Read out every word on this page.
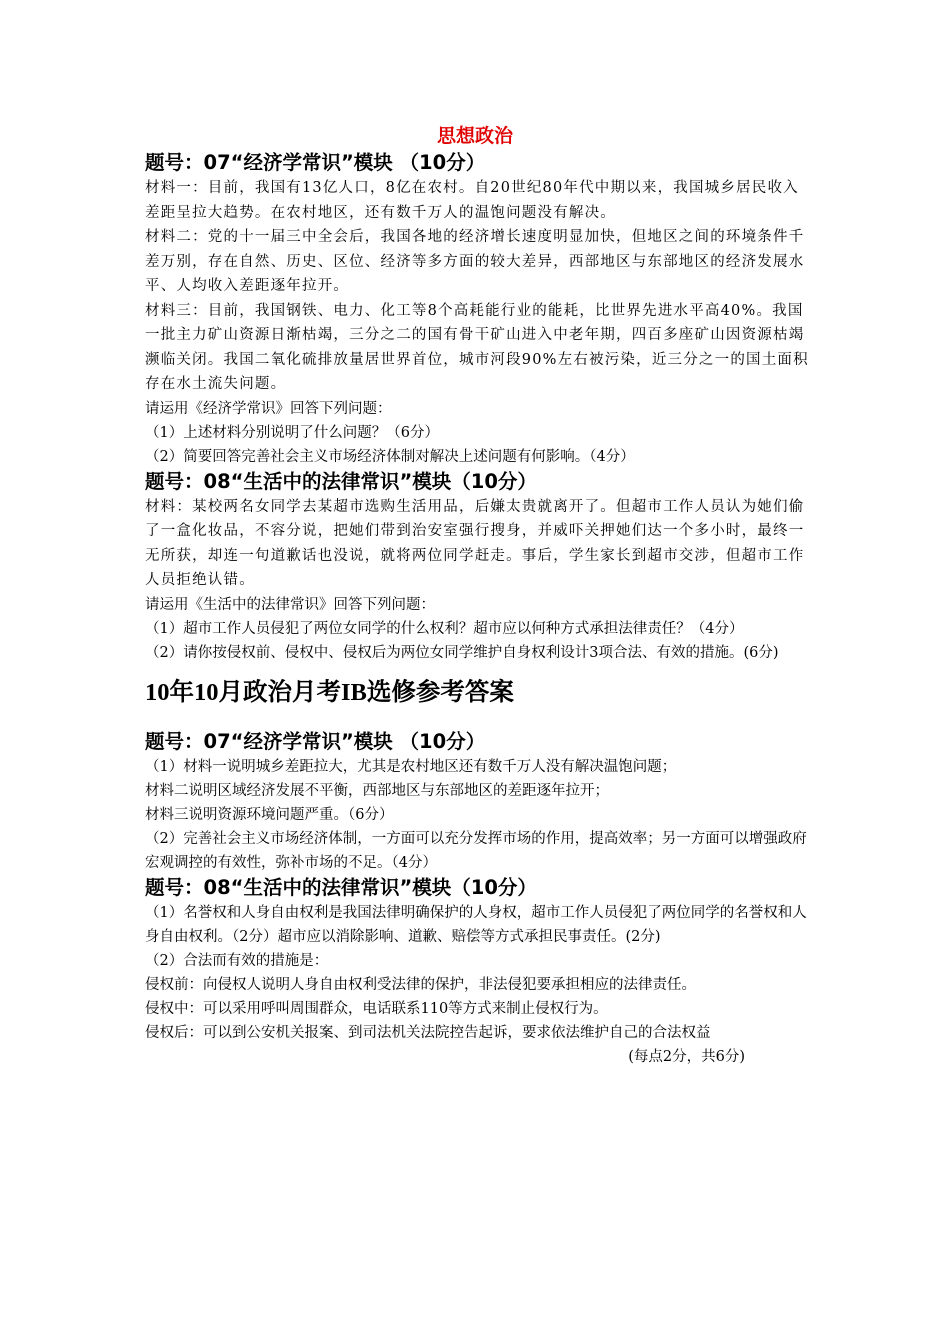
思想政治

题号：07“经济学常识”模块 （10分）

材料一：目前，我国有13亿人口，8亿在农村。自20世纪80年代中期以来，我国城乡居民收入差距呈拉大趋势。在农村地区，还有数千万人的温饱问题没有解决。

材料二：党的十一届三中全会后，我国各地的经济增长速度明显加快，但地区之间的环境条件千差万别，存在自然、历史、区位、经济等多方面的较大差异，西部地区与东部地区的经济发展水平、人均收入差距逐年拉开。

材料三：目前，我国钢铁、电力、化工等8个高耗能行业的能耗，比世界先进水平高40%。我国一批主力矿山资源日渐枯竭，三分之二的国有骨干矿山进入中老年期，四百多座矿山因资源枯竭濒临关闭。我国二氧化硫排放量居世界首位，城市河段90%左右被污染，近三分之一的国土面积存在水土流失问题。

请运用《经济学常识》回答下列问题：

（1）上述材料分别说明了什么问题？（6分）

（2）简要回答完善社会主义市场经济体制对解决上述问题有何影响。（4分）

题号：08“生活中的法律常识”模块（10分）

材料：某校两名女同学去某超市选购生活用品，后嫌太贵就离开了。但超市工作人员认为她们偷了一盒化妆品，不容分说，把她们带到治安室强行搜身，并威吓关押她们达一个多小时，最终一无所获，却连一句道歉话也没说，就将两位同学赶走。事后，学生家长到超市交涉，但超市工作人员拒绝认错。

请运用《生活中的法律常识》回答下列问题：

（1）超市工作人员侵犯了两位女同学的什么权利？超市应以何种方式承担法律责任？（4分）

（2）请你按侵权前、侵权中、侵权后为两位女同学维护自身权利设计3项合法、有效的措施。(6分)

10年10月政治月考IB选修参考答案

题号：07“经济学常识”模块 （10分）

（1）材料一说明城乡差距拉大，尤其是农村地区还有数千万人没有解决温饱问题；

材料二说明区域经济发展不平衡，西部地区与东部地区的差距逐年拉开；

材料三说明资源环境问题严重。（6分）

（2）完善社会主义市场经济体制，一方面可以充分发挥市场的作用，提高效率；另一方面可以增强政府宏观调控的有效性，弥补市场的不足。（4分）

题号：08“生活中的法律常识”模块（10分）

（1）名誉权和人身自由权利是我国法律明确保护的人身权，超市工作人员侵犯了两位同学的名誉权和人身自由权利。（2分）超市应以消除影响、道歉、赔偿等方式承担民事责任。(2分)

（2）合法而有效的措施是：

侵权前：向侵权人说明人身自由权利受法律的保护，非法侵犯要承担相应的法律责任。

侵权中：可以采用呼叫周围群众，电话联系110等方式来制止侵权行为。

侵权后：可以到公安机关报案、到司法机关法院控告起诉，要求依法维护自己的合法权益

(每点2分，共6分)
